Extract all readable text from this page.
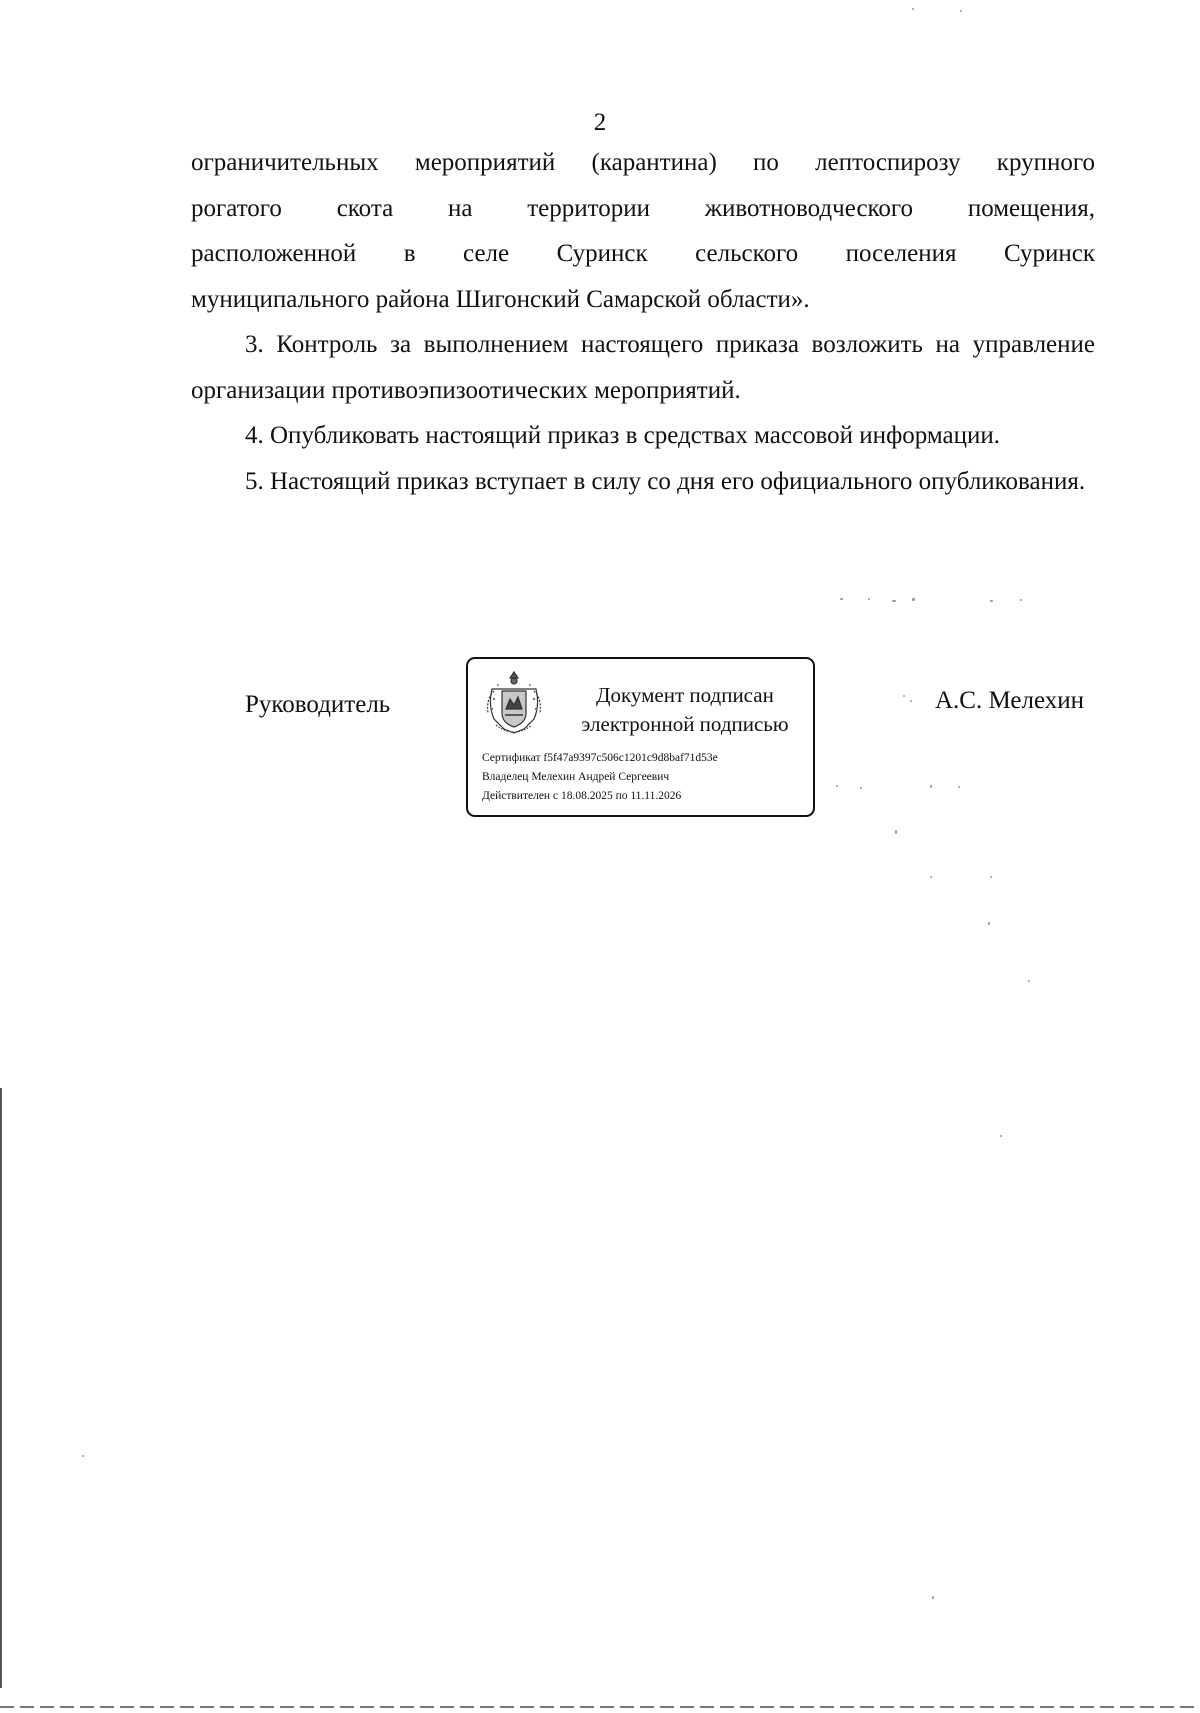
2

ограничительных мероприятий (карантина) по лептоспирозу крупного
рогатого скота на территории животноводческого помещения,
расположенной в селе Суринск сельского поселения Суринск
муниципального района Шигонский Самарской области».

3. Контроль за выполнением настоящего приказа возложить на управление организации противоэпизоотических мероприятий.

4. Опубликовать настоящий приказ в средствах массовой информации.

5. Настоящий приказ вступает в силу со дня его официального опубликования.

Руководитель	Документ подписан
электронной подписью
Сертификат f5f47a9397c506c1201c9d8baf71d53e
Владелец Мелехин Андрей Сергеевич
Действителен с 18.08.2025 по 11.11.2026
А.С. Мелехин
